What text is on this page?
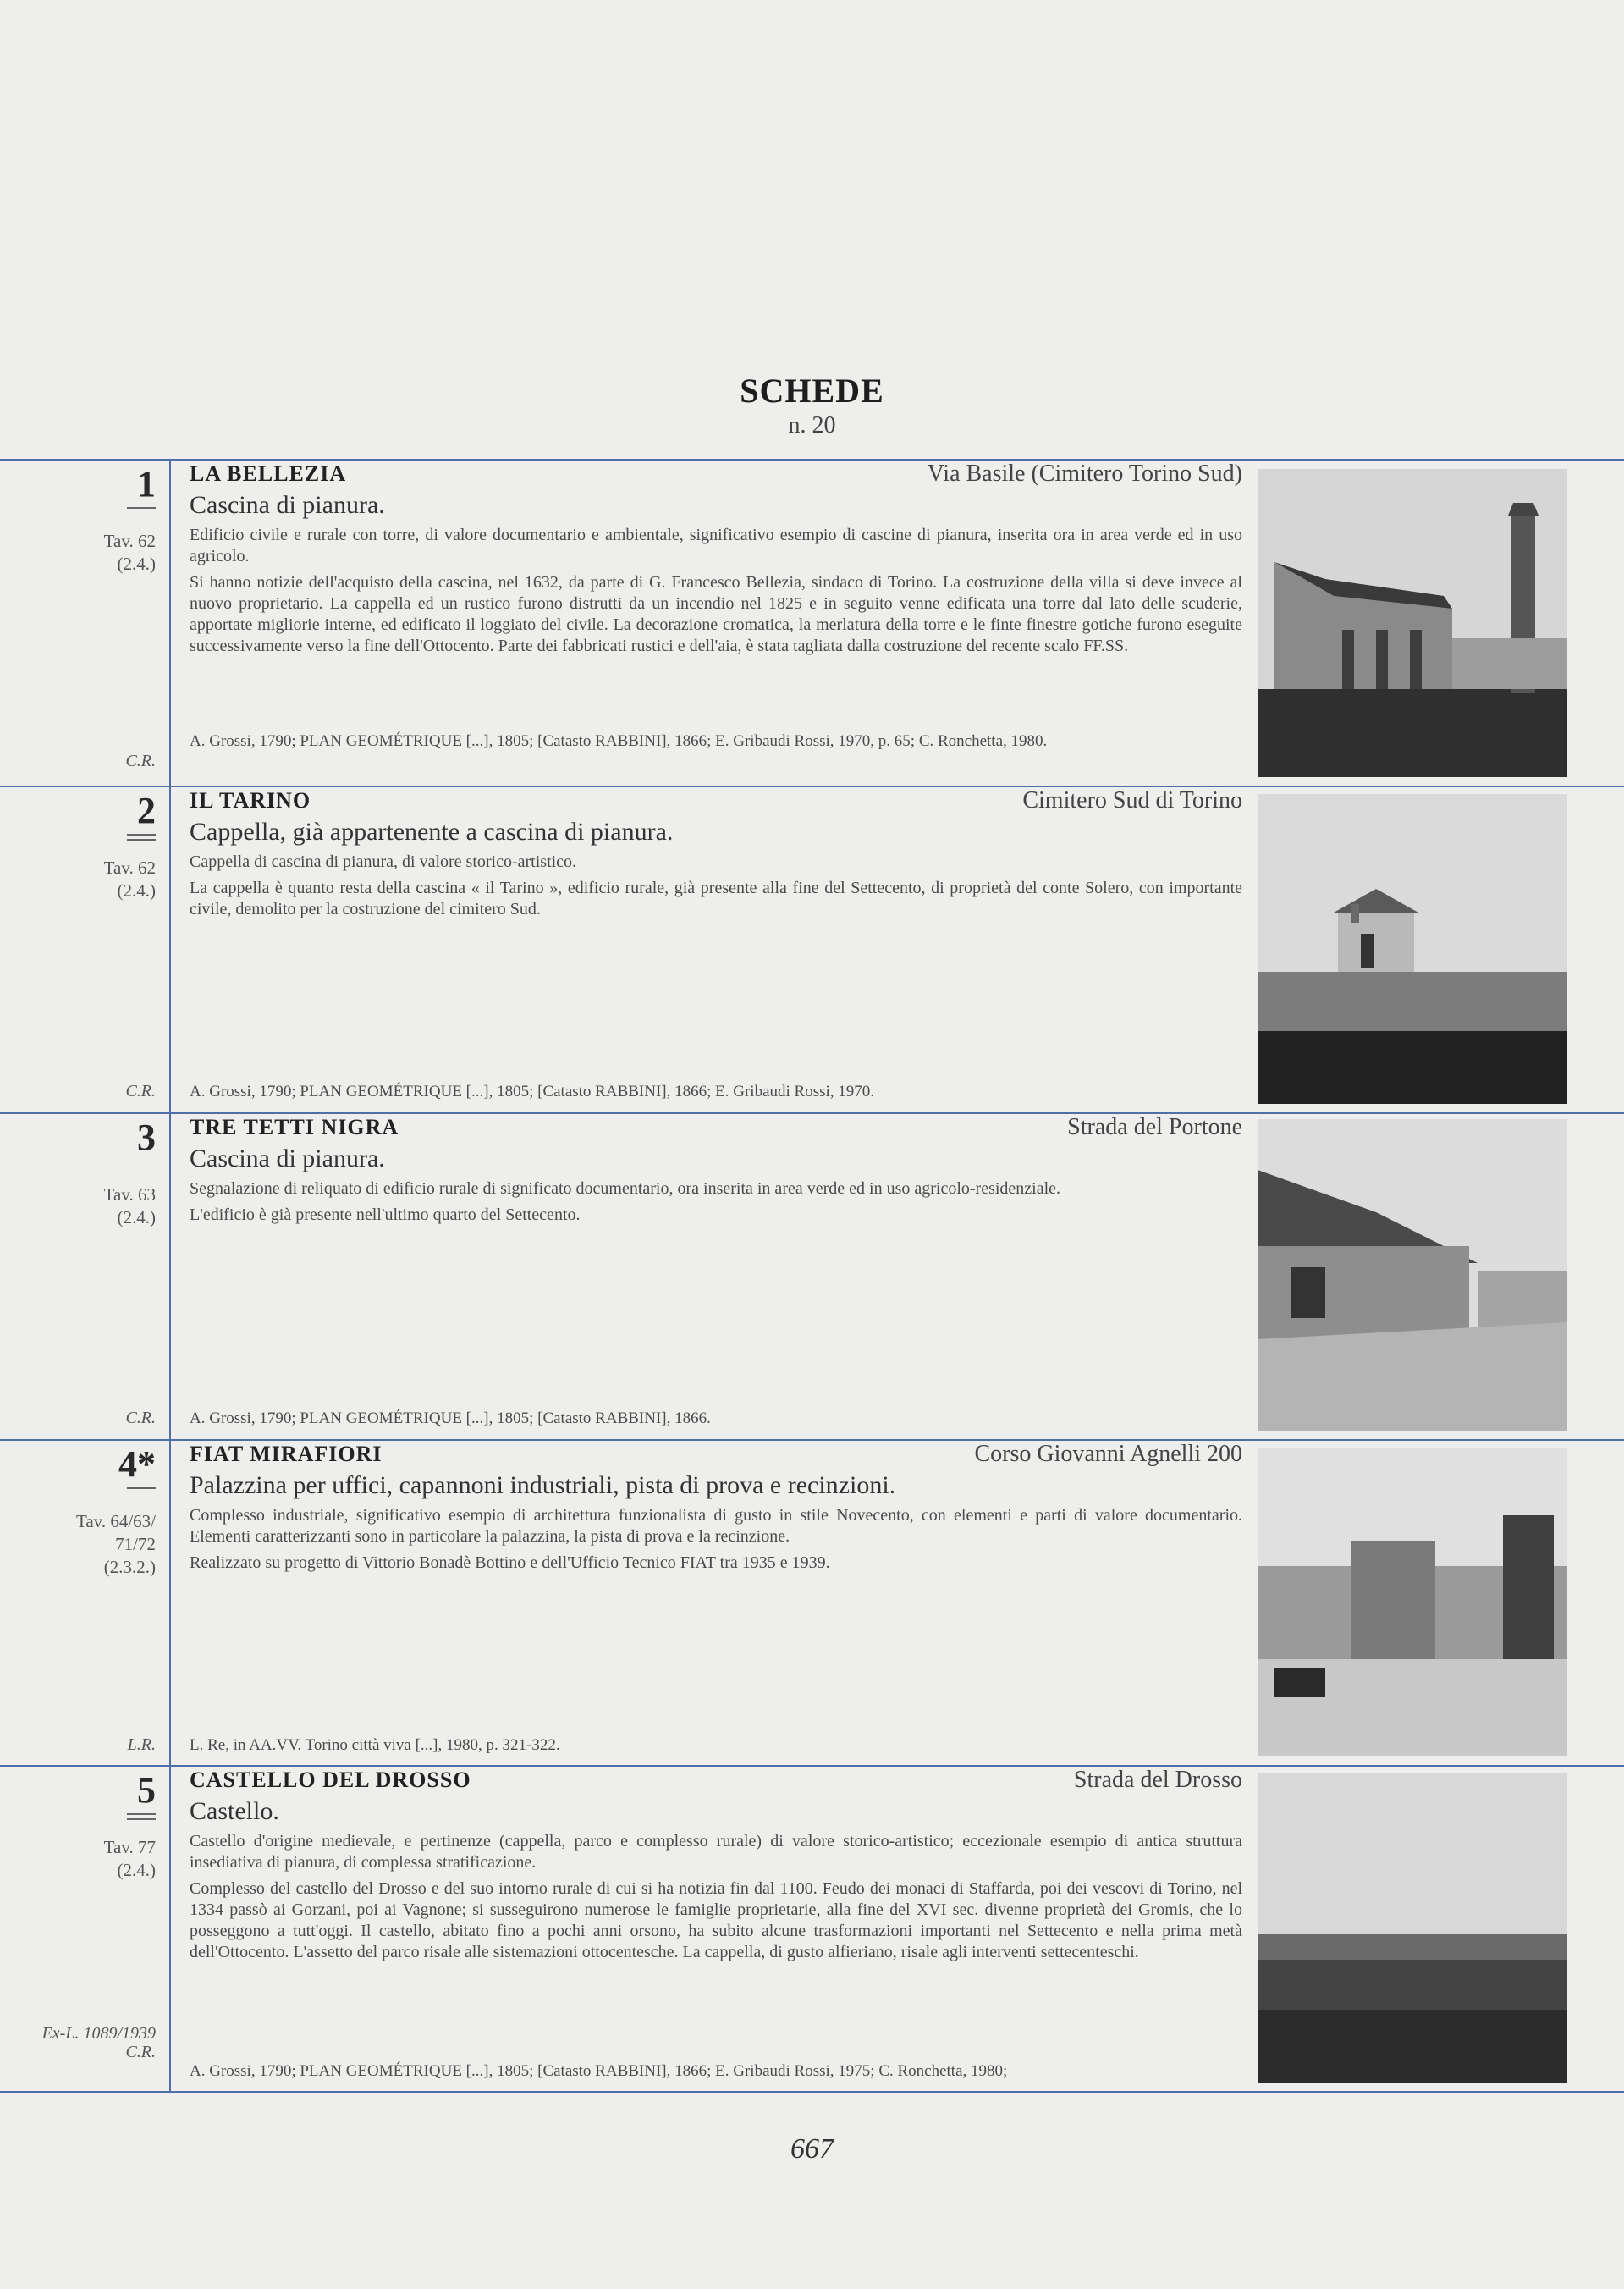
SCHEDE
n. 20
1
Tav. 62
(2.4.)
C.R.
LA BELLEZIA	Via Basile (Cimitero Torino Sud)
Cascina di pianura.

Edificio civile e rurale con torre, di valore documentario e ambientale, significativo esempio di cascine di pianura, inserita ora in area verde ed in uso agricolo.

Si hanno notizie dell'acquisto della cascina, nel 1632, da parte di G. Francesco Bellezia, sindaco di Torino. La costruzione della villa si deve invece al nuovo proprietario. La cappella ed un rustico furono distrutti da un incendio nel 1825 e in seguito venne edificata una torre dal lato delle scuderie, apportate migliorie interne, ed edificato il loggiato del civile. La decorazione cromatica, la merlatura della torre e le finte finestre gotiche furono eseguite successivamente verso la fine dell'Ottocento. Parte dei fabbricati rustici e dell'aia, è stata tagliata dalla costruzione del recente scalo FF.SS.

A. Grossi, 1790; PLAN GEOMÉTRIQUE [...], 1805; [Catasto RABBINI], 1866; E. Gribaudi Rossi, 1970, p. 65; C. Ronchetta, 1980.
2
Tav. 62
(2.4.)
C.R.
IL TARINO	Cimitero Sud di Torino
Cappella, già appartenente a cascina di pianura.

Cappella di cascina di pianura, di valore storico-artistico.

La cappella è quanto resta della cascina « il Tarino », edificio rurale, già presente alla fine del Settecento, di proprietà del conte Solero, con importante civile, demolito per la costruzione del cimitero Sud.

A. Grossi, 1790; PLAN GEOMÉTRIQUE [...], 1805; [Catasto RABBINI], 1866; E. Gribaudi Rossi, 1970.
3
Tav. 63
(2.4.)
C.R.
TRE TETTI NIGRA	Strada del Portone
Cascina di pianura.

Segnalazione di reliquato di edificio rurale di significato documentario, ora inserita in area verde ed in uso agricolo-residenziale.

L'edificio è già presente nell'ultimo quarto del Settecento.

A. Grossi, 1790; PLAN GEOMÉTRIQUE [...], 1805; [Catasto RABBINI], 1866.
4*
Tav. 64/63/
71/72
(2.3.2.)
L.R.
FIAT MIRAFIORI	Corso Giovanni Agnelli 200
Palazzina per uffici, capannoni industriali, pista di prova e recinzioni.

Complesso industriale, significativo esempio di architettura funzionalista di gusto in stile Novecento, con elementi e parti di valore documentario. Elementi caratterizzanti sono in particolare la palazzina, la pista di prova e la recinzione.

Realizzato su progetto di Vittorio Bonadè Bottino e dell'Ufficio Tecnico FIAT tra 1935 e 1939.

L. Re, in AA.VV. Torino città viva [...], 1980, p. 321-322.
5
Tav. 77
(2.4.)
Ex-L. 1089/1939 C.R.
CASTELLO DEL DROSSO	Strada del Drosso
Castello.

Castello d'origine medievale, e pertinenze (cappella, parco e complesso rurale) di valore storico-artistico; eccezionale esempio di antica struttura insediativa di pianura, di complessa stratificazione.

Complesso del castello del Drosso e del suo intorno rurale di cui si ha notizia fin dal 1100. Feudo dei monaci di Staffarda, poi dei vescovi di Torino, nel 1334 passò ai Gorzani, poi ai Vagnone; si susseguirono numerose le famiglie proprietarie, alla fine del XVI sec. divenne proprietà dei Gromis, che lo posseggono a tutt'oggi. Il castello, abitato fino a pochi anni orsono, ha subito alcune trasformazioni importanti nel Settecento e nella prima metà dell'Ottocento. L'assetto del parco risale alle sistemazioni ottocentesche. La cappella, di gusto alfieriano, risale agli interventi settecenteschi.

A. Grossi, 1790; PLAN GEOMÉTRIQUE [...], 1805; [Catasto RABBINI], 1866; E. Gribaudi Rossi, 1975; C. Ronchetta, 1980;
667
